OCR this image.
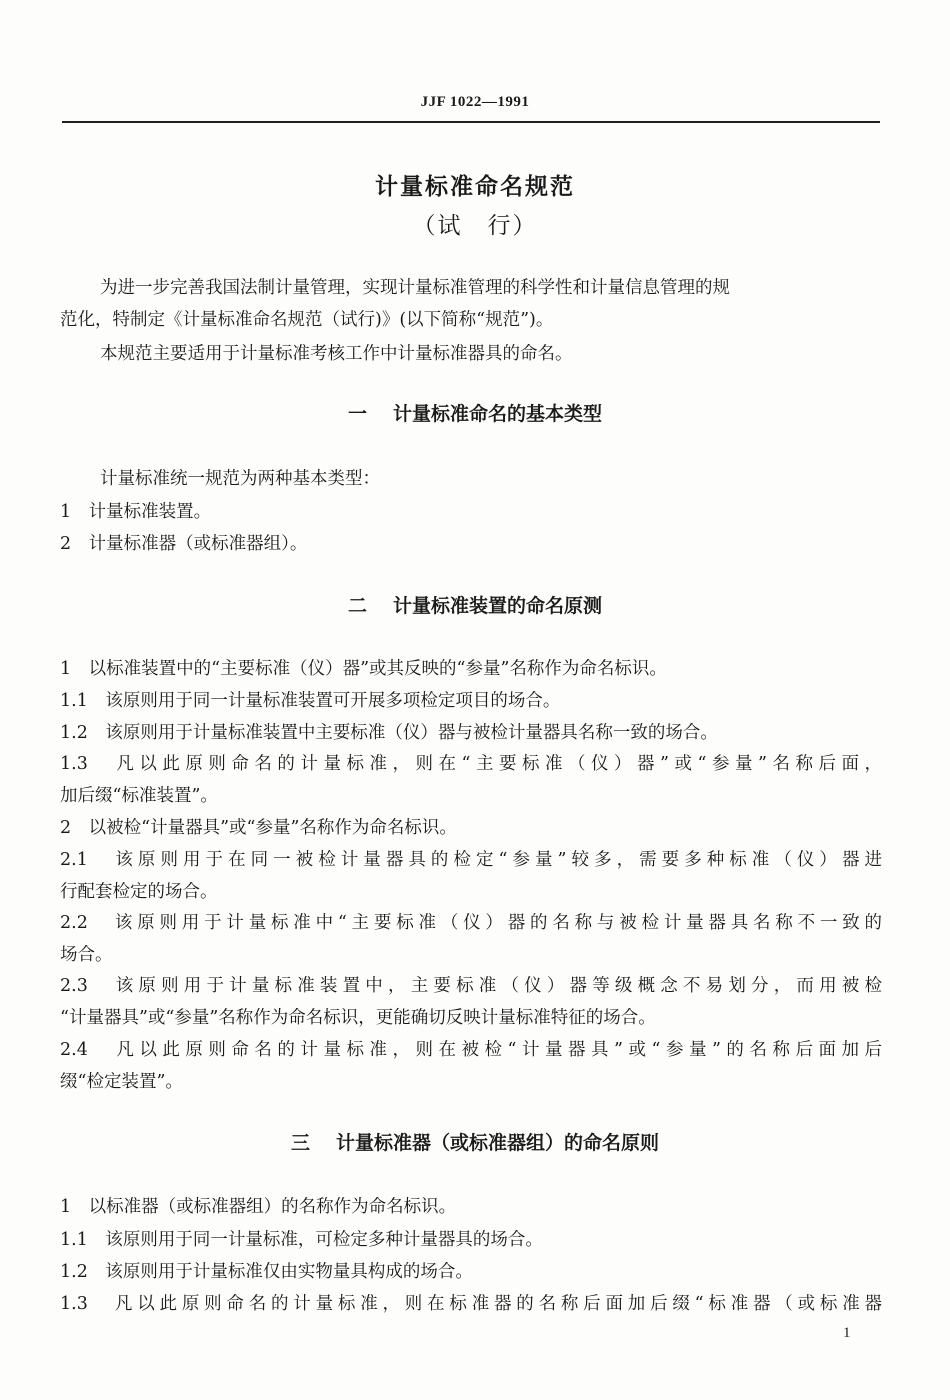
JJF 1022—1991
计量标准命名规范
（试　行）
为进一步完善我国法制计量管理，实现计量标准管理的科学性和计量信息管理的规
范化，特制定《计量标准命名规范（试行)》(以下简称“规范”)。
本规范主要适用于计量标准考核工作中计量标准器具的命名。
一 计量标准命名的基本类型
计量标准统一规范为两种基本类型：
1　计量标准装置。
2　计量标准器（或标准器组）。
二 计量标准装置的命名原测
1　以标准装置中的“主要标准（仪）器”或其反映的“参量”名称作为命名标识。
1.1　该原则用于同一计量标准装置可开展多项检定项目的场合。
1.2　该原则用于计量标准装置中主要标准（仪）器与被检计量器具名称一致的场合。
1.3　凡以此原则命名的计量标准，则在“主要标准（仪）器”或“参量”名称后面，
加后缀“标准装置”。
2　以被检“计量器具”或“参量”名称作为命名标识。
2.1　该原则用于在同一被检计量器具的检定“参量”较多，需要多种标准（仪）器进
行配套检定的场合。
2.2　该原则用于计量标准中“主要标准（仪）器的名称与被检计量器具名称不一致的
场合。
2.3　该原则用于计量标准装置中，主要标准（仪）器等级概念不易划分，而用被检
“计量器具”或“参量”名称作为命名标识，更能确切反映计量标准特征的场合。
2.4　凡以此原则命名的计量标准，则在被检“计量器具”或“参量”的名称后面加后
缀“检定装置”。
三 计量标准器（或标准器组）的命名原则
1　以标准器（或标准器组）的名称作为命名标识。
1.1　该原则用于同一计量标准，可检定多种计量器具的场合。
1.2　该原则用于计量标准仅由实物量具构成的场合。
1.3　凡以此原则命名的计量标准，则在标准器的名称后面加后缀“标准器（或标准器
1
